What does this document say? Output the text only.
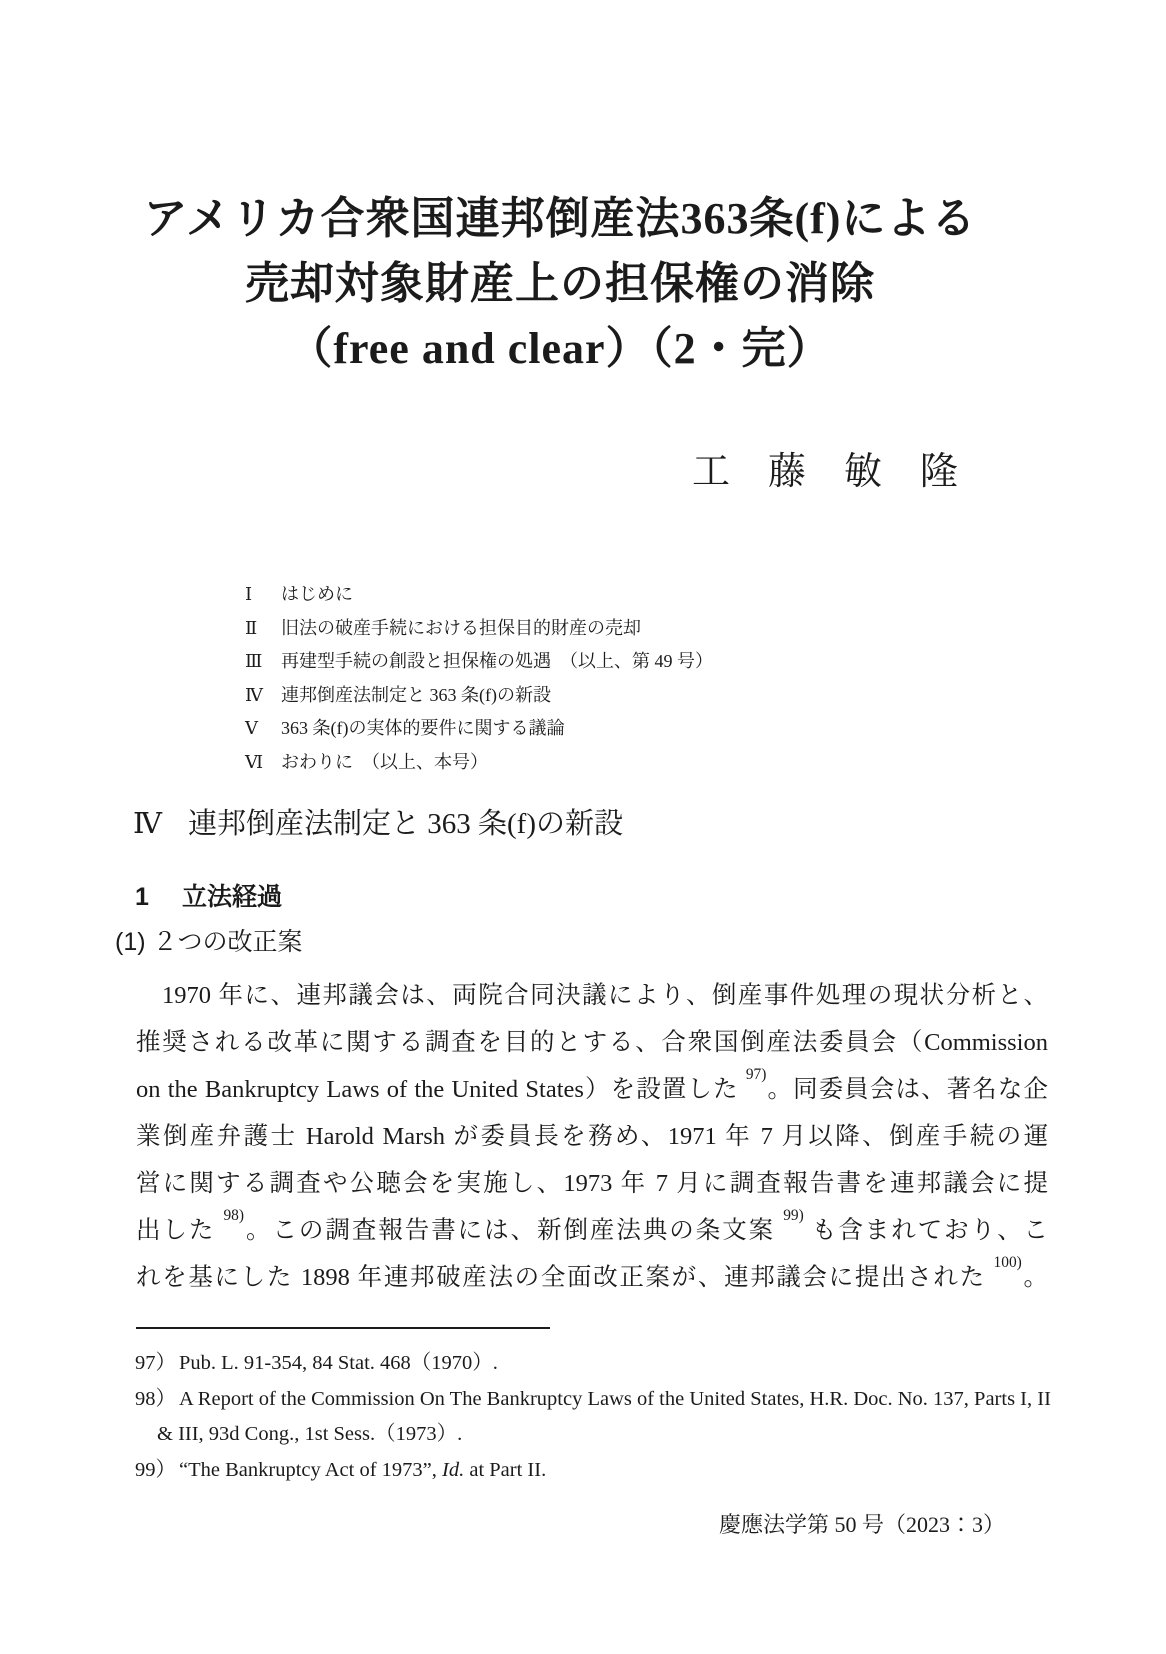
アメリカ合衆国連邦倒産法363条(f)による
売却対象財産上の担保権の消除
（free and clear）（2・完）
工　藤　敏　隆
Ⅰ はじめに
Ⅱ 旧法の破産手続における担保目的財産の売却
Ⅲ 再建型手続の創設と担保権の処遇　（以上、第 49 号）
Ⅳ 連邦倒産法制定と 363 条(f)の新設
Ⅴ 363 条(f)の実体的要件に関する議論
Ⅵ おわりに　（以上、本号）
Ⅳ 連邦倒産法制定と 363 条(f)の新設
1 立法経過
(1) ２つの改正案
　1970 年に、連邦議会は、両院合同決議により、倒産事件処理の現状分析と、
推奨される改革に関する調査を目的とする、合衆国倒産法委員会（Commission
on the Bankruptcy Laws of the United States）を設置した $^{97)}$。同委員会は、著名な企
業倒産弁護士 Harold Marsh が委員長を務め、1971 年 7 月以降、倒産手続の運
営に関する調査や公聴会を実施し、1973 年 7 月に調査報告書を連邦議会に提
出した $^{98)}$。この調査報告書には、新倒産法典の条文案 $^{99)}$ も含まれており、こ
れを基にした 1898 年連邦破産法の全面改正案が、連邦議会に提出された $^{100)}$。
97） Pub. L. 91-354, 84 Stat. 468（1970）.
98） A Report of the Commission On The Bankruptcy Laws of the United States, H.R. Doc. No. 137, Parts I, II & III, 93d Cong., 1st Sess.（1973）.
99） “The Bankruptcy Act of 1973”, Id. at Part II.
慶應法学第 50 号（2023：3）
